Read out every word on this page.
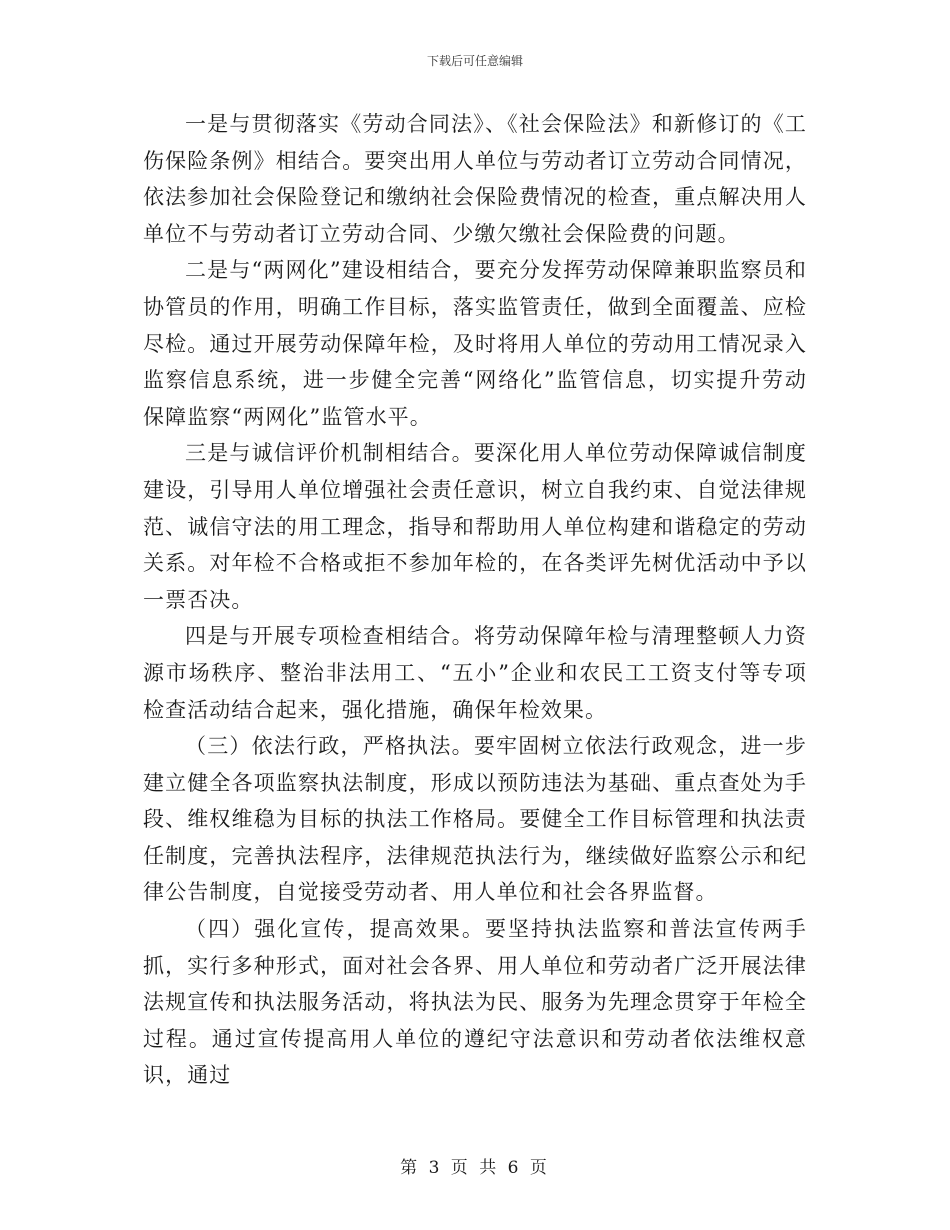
下载后可任意编辑

一是与贯彻落实《劳动合同法》、《社会保险法》和新修订的《工伤保险条例》相结合。要突出用人单位与劳动者订立劳动合同情况，依法参加社会保险登记和缴纳社会保险费情况的检查，重点解决用人单位不与劳动者订立劳动合同、少缴欠缴社会保险费的问题。

二是与“两网化”建设相结合，要充分发挥劳动保障兼职监察员和协管员的作用，明确工作目标，落实监管责任，做到全面覆盖、应检尽检。通过开展劳动保障年检，及时将用人单位的劳动用工情况录入监察信息系统，进一步健全完善“网络化”监管信息，切实提升劳动保障监察“两网化”监管水平。

三是与诚信评价机制相结合。要深化用人单位劳动保障诚信制度建设，引导用人单位增强社会责任意识，树立自我约束、自觉法律规范、诚信守法的用工理念，指导和帮助用人单位构建和谐稳定的劳动关系。对年检不合格或拒不参加年检的，在各类评先树优活动中予以一票否决。

四是与开展专项检查相结合。将劳动保障年检与清理整顿人力资源市场秩序、整治非法用工、“五小”企业和农民工工资支付等专项检查活动结合起来，强化措施，确保年检效果。

（三）依法行政，严格执法。要牢固树立依法行政观念，进一步建立健全各项监察执法制度，形成以预防违法为基础、重点查处为手段、维权维稳为目标的执法工作格局。要健全工作目标管理和执法责任制度，完善执法程序，法律规范执法行为，继续做好监察公示和纪律公告制度，自觉接受劳动者、用人单位和社会各界监督。

（四）强化宣传，提高效果。要坚持执法监察和普法宣传两手抓，实行多种形式，面对社会各界、用人单位和劳动者广泛开展法律法规宣传和执法服务活动，将执法为民、服务为先理念贯穿于年检全过程。通过宣传提高用人单位的遵纪守法意识和劳动者依法维权意识，通过

第 3 页 共 6 页
